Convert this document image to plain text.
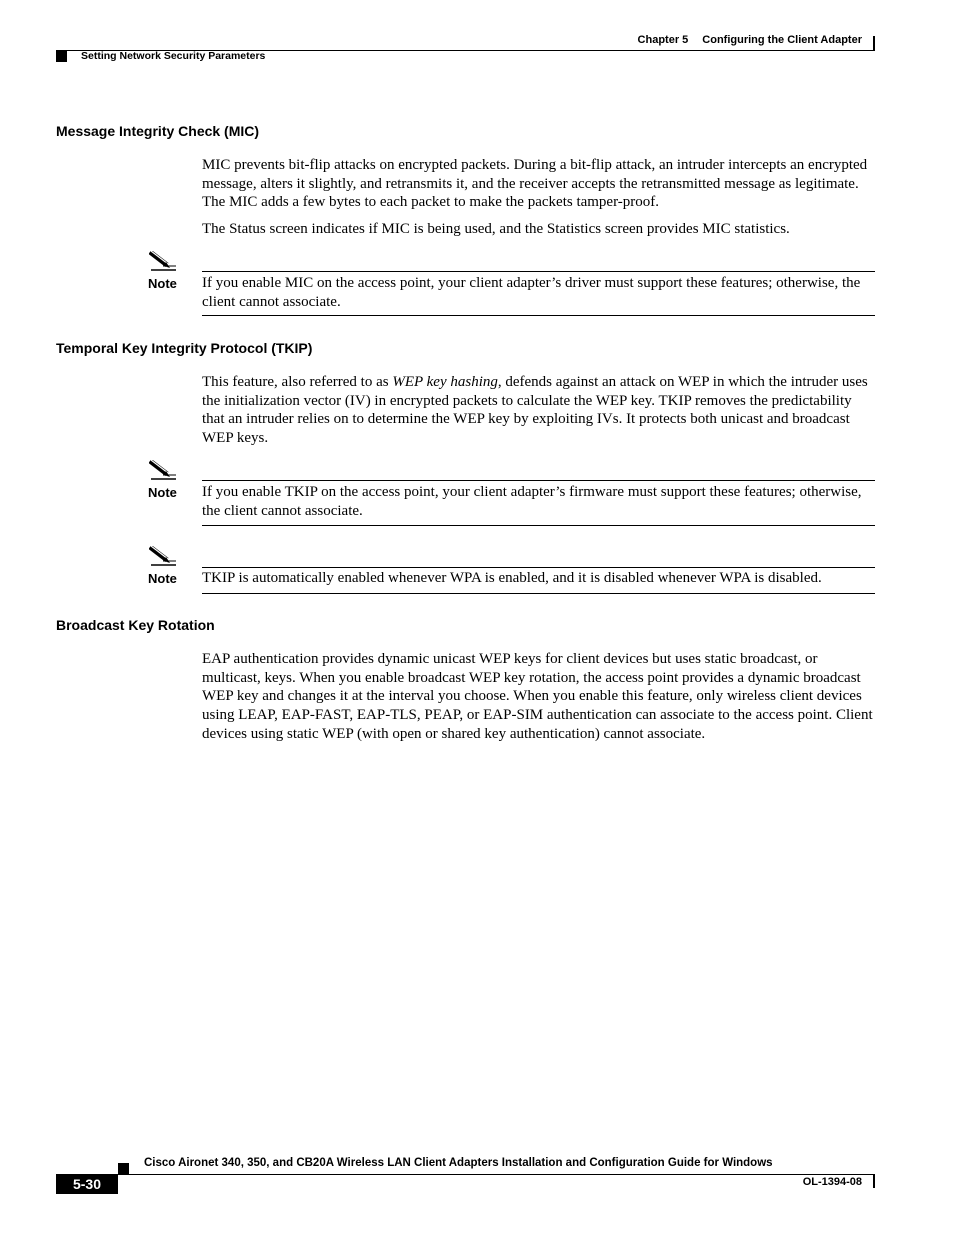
Chapter 5 Configuring the Client Adapter
Setting Network Security Parameters
Message Integrity Check (MIC)

MIC prevents bit-flip attacks on encrypted packets. During a bit-flip attack, an intruder intercepts an encrypted message, alters it slightly, and retransmits it, and the receiver accepts the retransmitted message as legitimate. The MIC adds a few bytes to each packet to make the packets tamper-proof.

The Status screen indicates if MIC is being used, and the Statistics screen provides MIC statistics.

Note If you enable MIC on the access point, your client adapter’s driver must support these features; otherwise, the client cannot associate.

Temporal Key Integrity Protocol (TKIP)

This feature, also referred to as WEP key hashing, defends against an attack on WEP in which the intruder uses the initialization vector (IV) in encrypted packets to calculate the WEP key. TKIP removes the predictability that an intruder relies on to determine the WEP key by exploiting IVs. It protects both unicast and broadcast WEP keys.

Note If you enable TKIP on the access point, your client adapter’s firmware must support these features; otherwise, the client cannot associate.

Note TKIP is automatically enabled whenever WPA is enabled, and it is disabled whenever WPA is disabled.

Broadcast Key Rotation

EAP authentication provides dynamic unicast WEP keys for client devices but uses static broadcast, or multicast, keys. When you enable broadcast WEP key rotation, the access point provides a dynamic broadcast WEP key and changes it at the interval you choose. When you enable this feature, only wireless client devices using LEAP, EAP-FAST, EAP-TLS, PEAP, or EAP-SIM authentication can associate to the access point. Client devices using static WEP (with open or shared key authentication) cannot associate.

Cisco Aironet 340, 350, and CB20A Wireless LAN Client Adapters Installation and Configuration Guide for Windows
5-30	OL-1394-08
